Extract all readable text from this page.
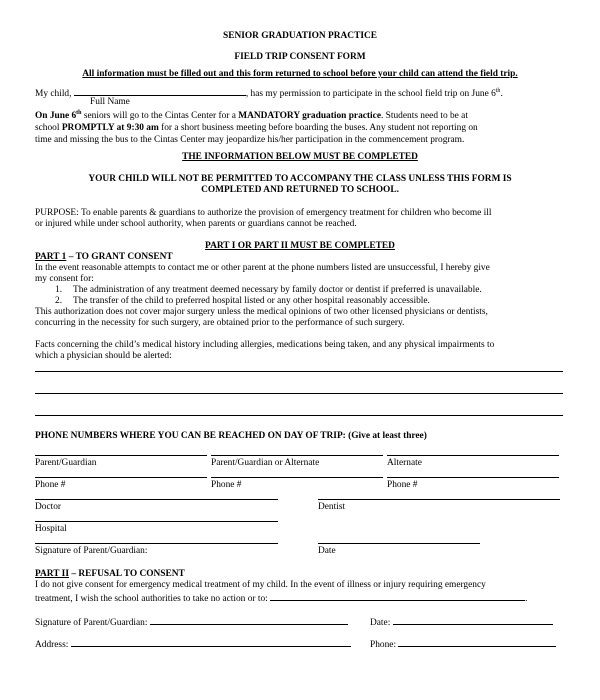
SENIOR GRADUATION PRACTICE
FIELD TRIP CONSENT FORM
All information must be filled out and this form returned to school before your child can attend the field trip.
My child,	, has my permission to participate in the school field trip on June 6th.
Full Name
On June 6th seniors will go to the Cintas Center for a MANDATORY graduation practice. Students need to be at
school PROMPTLY at 9:30 am for a short business meeting before boarding the buses. Any student not reporting on
time and missing the bus to the Cintas Center may jeopardize his/her participation in the commencement program.
THE INFORMATION BELOW MUST BE COMPLETED
YOUR CHILD WILL NOT BE PERMITTED TO ACCOMPANY THE CLASS UNLESS THIS FORM IS
COMPLETED AND RETURNED TO SCHOOL.
PURPOSE: To enable parents & guardians to authorize the provision of emergency treatment for children who become ill
or injured while under school authority, when parents or guardians cannot be reached.
PART I OR PART II MUST BE COMPLETED
PART 1 – TO GRANT CONSENT
In the event reasonable attempts to contact me or other parent at the phone numbers listed are unsuccessful, I hereby give
my consent for:
1. The administration of any treatment deemed necessary by family doctor or dentist if preferred is unavailable.
2. The transfer of the child to preferred hospital listed or any other hospital reasonably accessible.
This authorization does not cover major surgery unless the medical opinions of two other licensed physicians or dentists,
concurring in the necessity for such surgery, are obtained prior to the performance of such surgery.
Facts concerning the child’s medical history including allergies, medications being taken, and any physical impairments to
which a physician should be alerted:
PHONE NUMBERS WHERE YOU CAN BE REACHED ON DAY OF TRIP: (Give at least three)
Parent/Guardian	Parent/Guardian or Alternate	Alternate
Phone #	Phone #	Phone #
Doctor	Dentist
Hospital
Signature of Parent/Guardian:	Date
PART II – REFUSAL TO CONSENT
I do not give consent for emergency medical treatment of my child. In the event of illness or injury requiring emergency
treatment, I wish the school authorities to take no action or to:	.
Signature of Parent/Guardian:	Date:
Address:	Phone:
